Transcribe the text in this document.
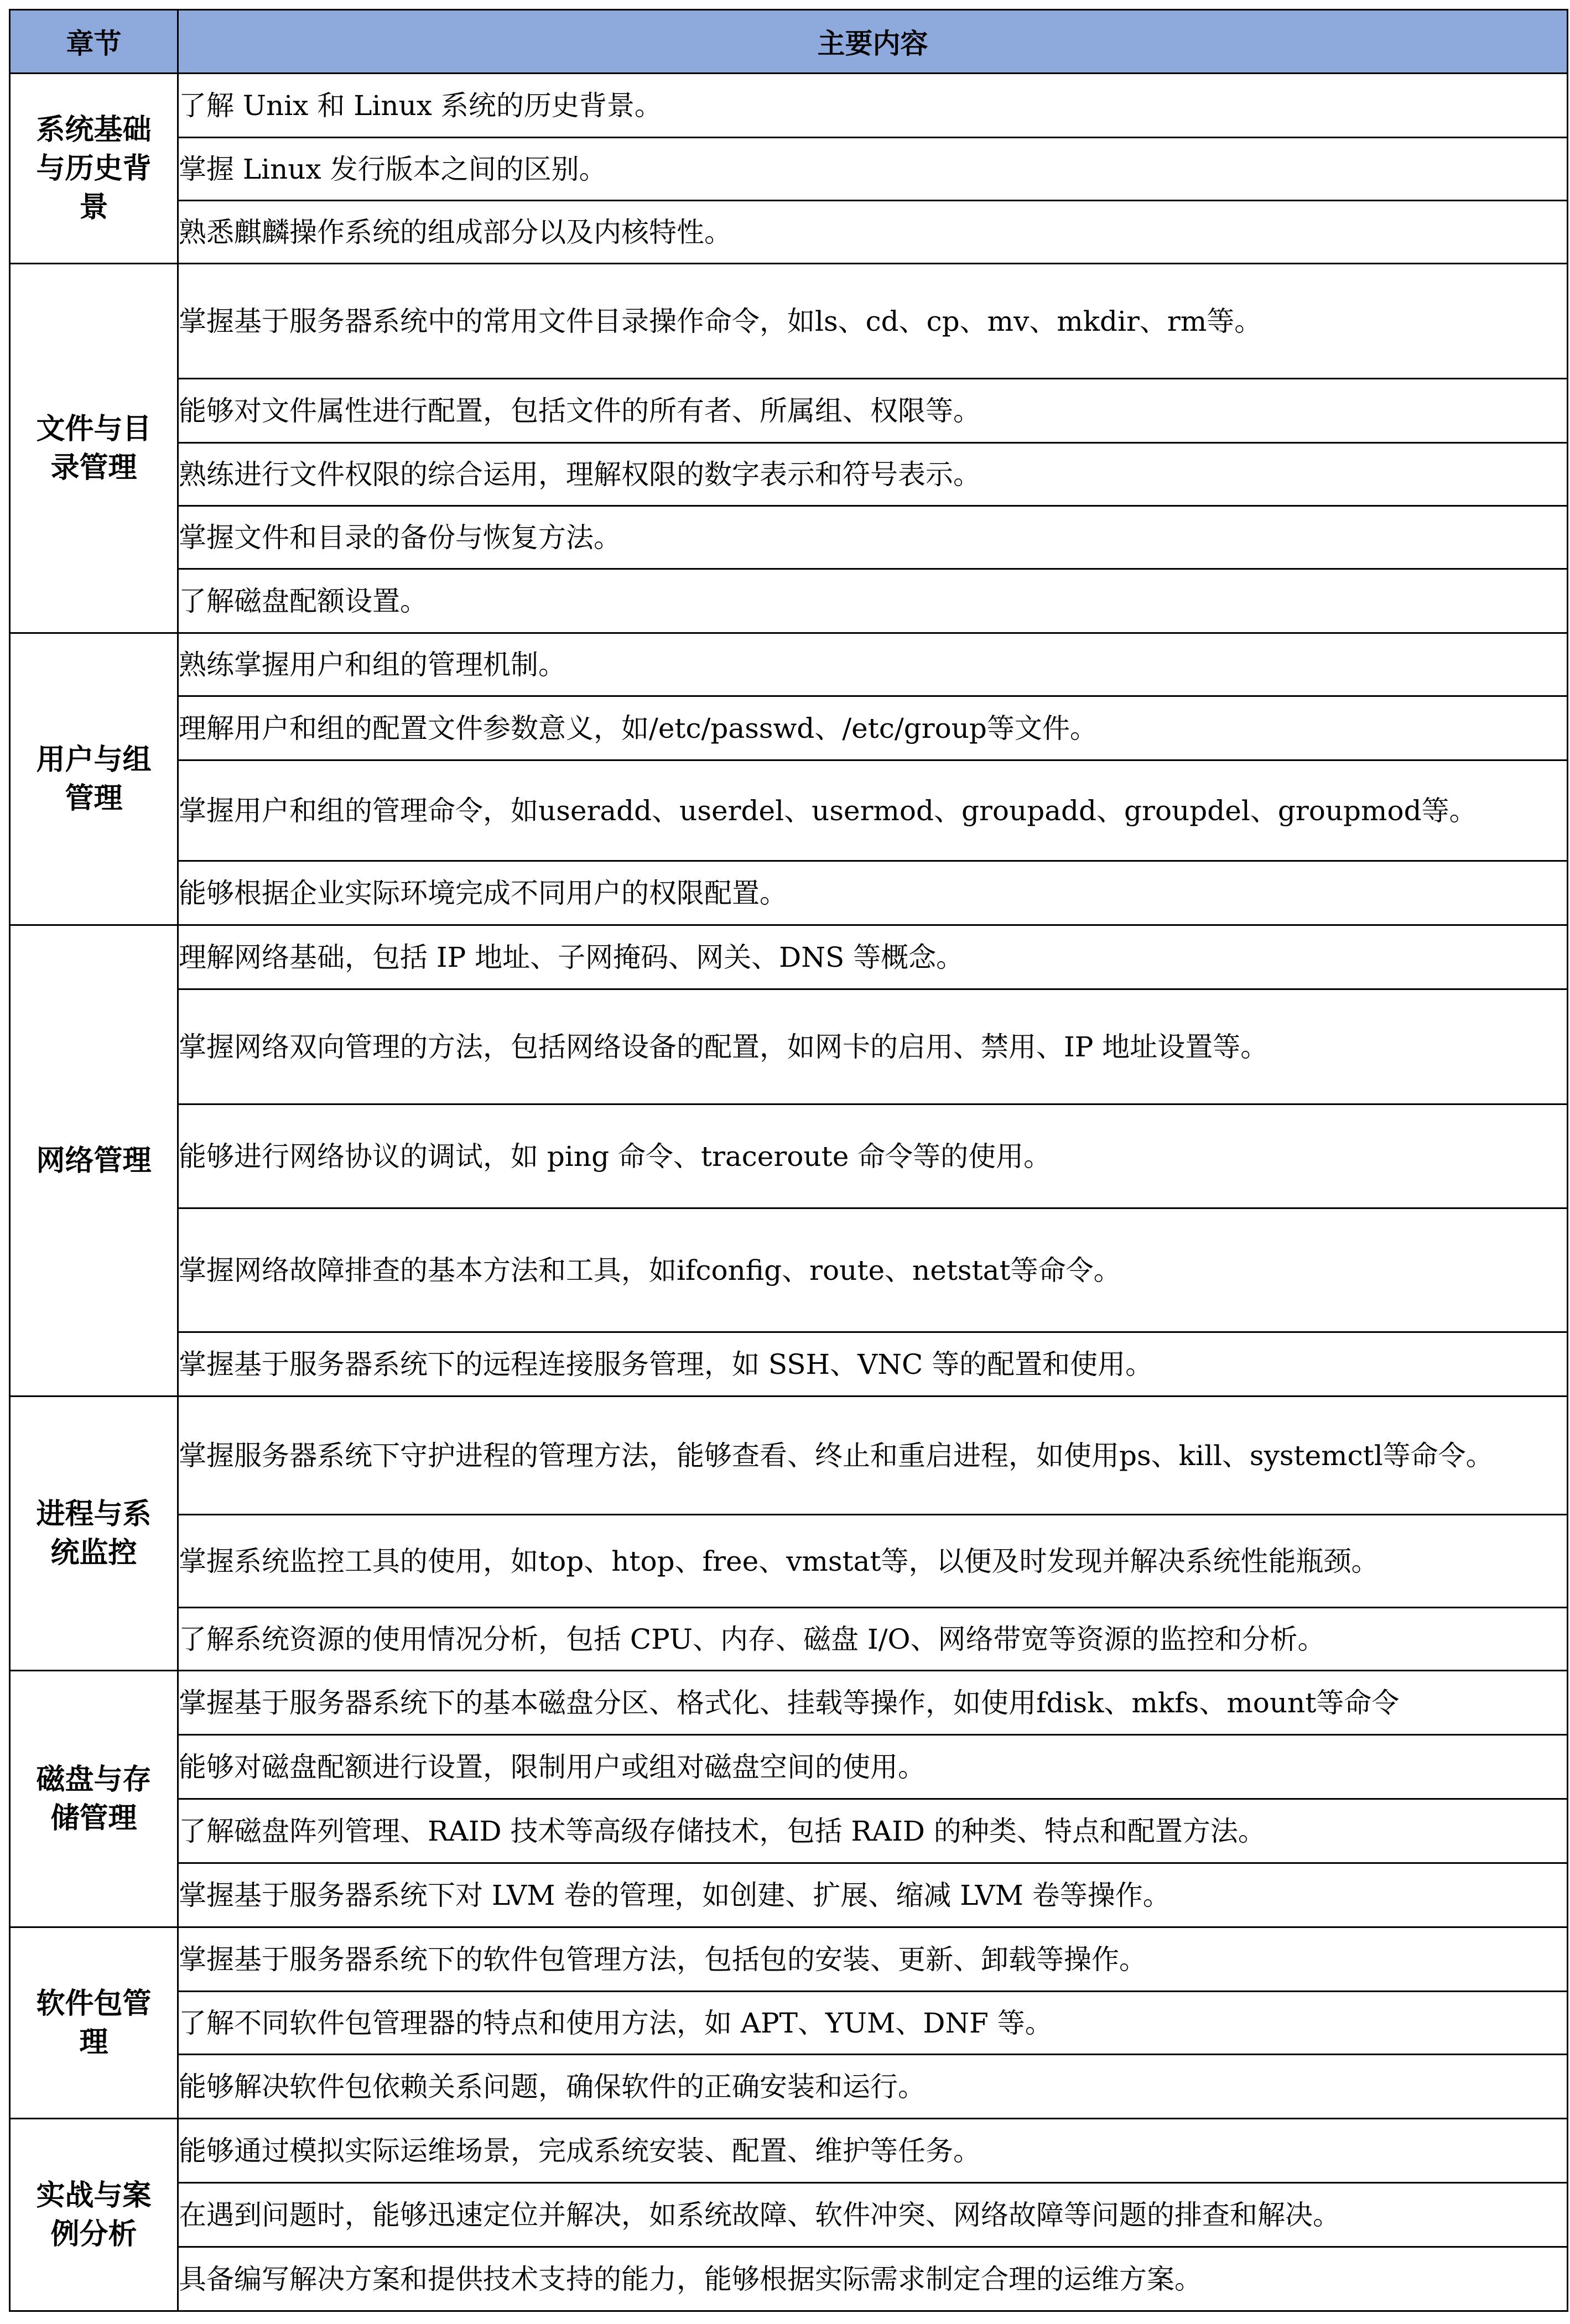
章节	主要内容
系统基础
与历史背
景	了解 Unix 和 Linux 系统的历史背景。
	掌握 Linux 发行版本之间的区别。
	熟悉麒麟操作系统的组成部分以及内核特性。
文件与目
录管理	掌握基于服务器系统中的常用文件目录操作命令，如ls、cd、cp、mv、mkdir、rm等。
	能够对文件属性进行配置，包括文件的所有者、所属组、权限等。
	熟练进行文件权限的综合运用，理解权限的数字表示和符号表示。
	掌握文件和目录的备份与恢复方法。
	了解磁盘配额设置。
用户与组
管理	熟练掌握用户和组的管理机制。
	理解用户和组的配置文件参数意义，如/etc/passwd、/etc/group等文件。
	掌握用户和组的管理命令，如useradd、userdel、usermod、groupadd、groupdel、groupmod等。
	能够根据企业实际环境完成不同用户的权限配置。
网络管理	理解网络基础，包括 IP 地址、子网掩码、网关、DNS 等概念。
	掌握网络双向管理的方法，包括网络设备的配置，如网卡的启用、禁用、IP 地址设置等。
	能够进行网络协议的调试，如 ping 命令、traceroute 命令等的使用。
	掌握网络故障排查的基本方法和工具，如ifconfig、route、netstat等命令。
	掌握基于服务器系统下的远程连接服务管理，如 SSH、VNC 等的配置和使用。
进程与系
统监控	掌握服务器系统下守护进程的管理方法，能够查看、终止和重启进程，如使用ps、kill、systemctl等命令。
	掌握系统监控工具的使用，如top、htop、free、vmstat等，以便及时发现并解决系统性能瓶颈。
	了解系统资源的使用情况分析，包括 CPU、内存、磁盘 I/O、网络带宽等资源的监控和分析。
磁盘与存
储管理	掌握基于服务器系统下的基本磁盘分区、格式化、挂载等操作，如使用fdisk、mkfs、mount等命令
	能够对磁盘配额进行设置，限制用户或组对磁盘空间的使用。
	了解磁盘阵列管理、RAID 技术等高级存储技术，包括 RAID 的种类、特点和配置方法。
	掌握基于服务器系统下对 LVM 卷的管理，如创建、扩展、缩减 LVM 卷等操作。
软件包管
理	掌握基于服务器系统下的软件包管理方法，包括包的安装、更新、卸载等操作。
	了解不同软件包管理器的特点和使用方法，如 APT、YUM、DNF 等。
	能够解决软件包依赖关系问题，确保软件的正确安装和运行。
实战与案
例分析	能够通过模拟实际运维场景，完成系统安装、配置、维护等任务。
	在遇到问题时，能够迅速定位并解决，如系统故障、软件冲突、网络故障等问题的排查和解决。
	具备编写解决方案和提供技术支持的能力，能够根据实际需求制定合理的运维方案。
